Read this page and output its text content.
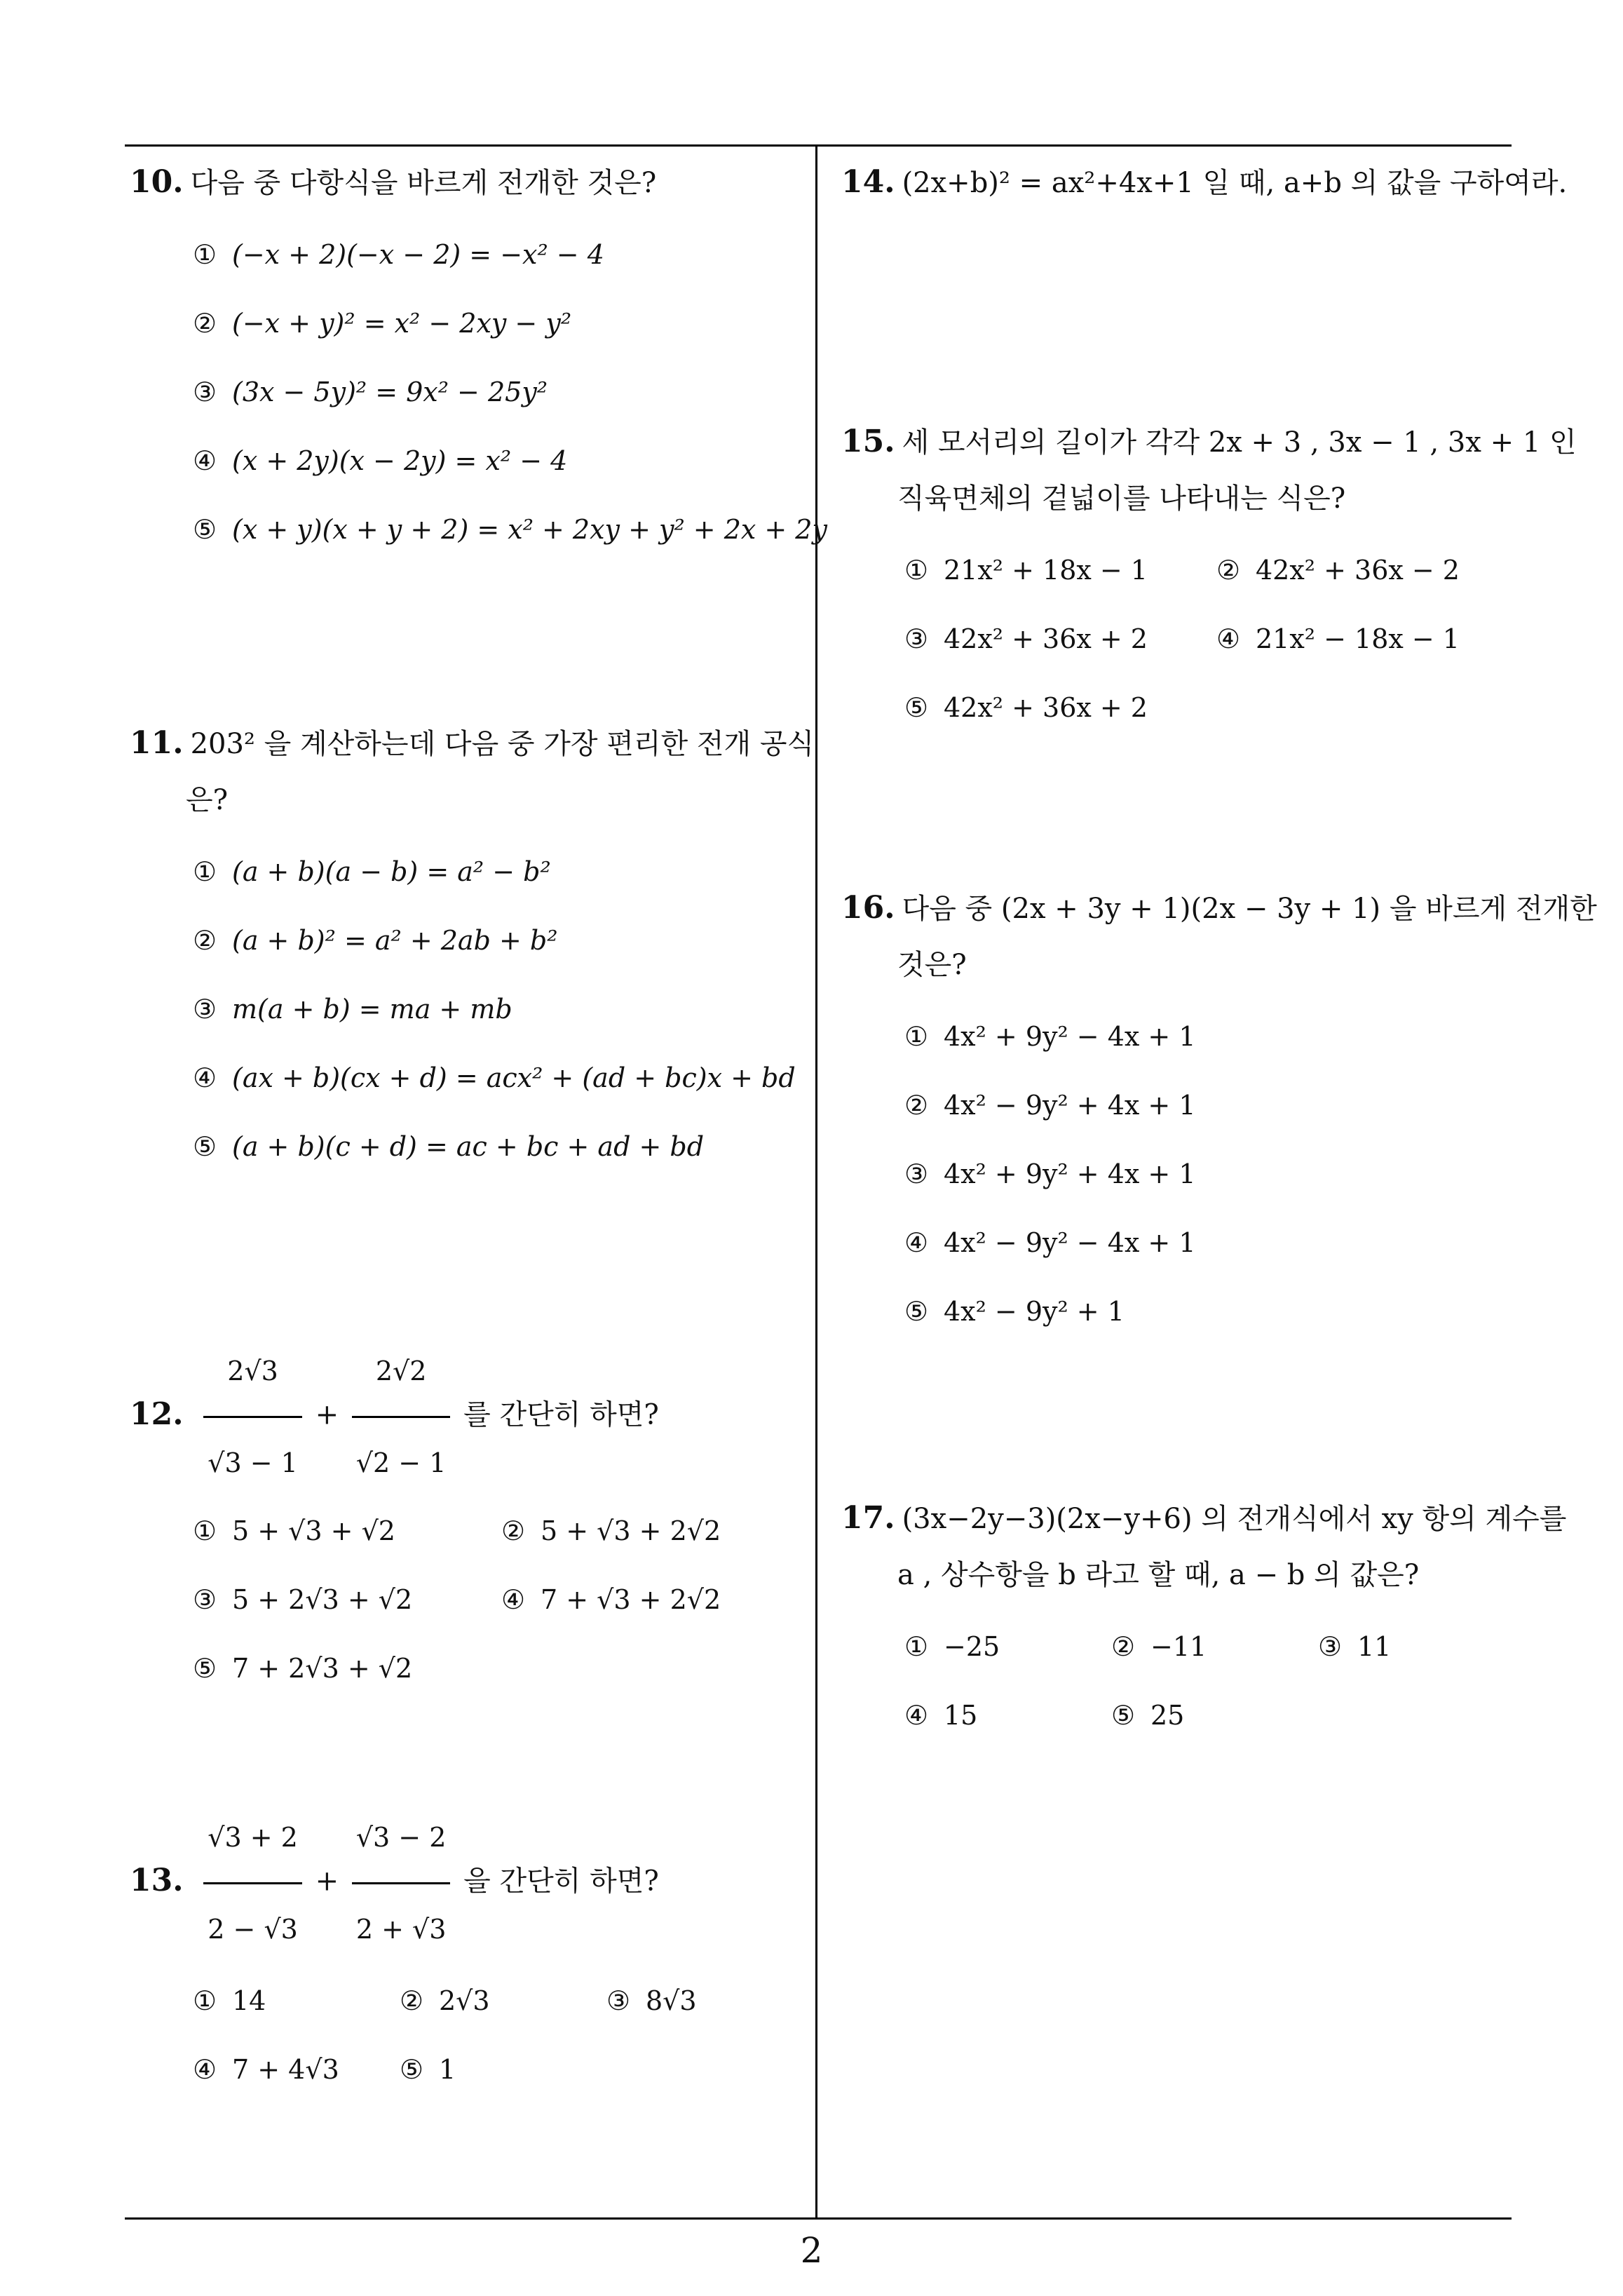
10. 다음 중 다항식을 바르게 전개한 것은?
① (−x + 2)(−x − 2) = −x² − 4
② (−x + y)² = x² − 2xy − y²
③ (3x − 5y)² = 9x² − 25y²
④ (x + 2y)(x − 2y) = x² − 4
⑤ (x + y)(x + y + 2) = x² + 2xy + y² + 2x + 2y
11. 203² 을 계산하는데 다음 중 가장 편리한 전개 공식
은?
① (a + b)(a − b) = a² − b²
② (a + b)² = a² + 2ab + b²
③ m(a + b) = ma + mb
④ (ax + b)(cx + d) = acx² + (ad + bc)x + bd
⑤ (a + b)(c + d) = ac + bc + ad + bd
12. $\frac{2√3}{√3 - 1} + \frac{2√2}{√2 - 1}$ 를 간단히 하면?
① 5 + √3 + √2	② 5 + √3 + 2√2
③ 5 + 2√3 + √2	④ 7 + √3 + 2√2
⑤ 7 + 2√3 + √2
13. $\frac{√3 + 2}{2 - √3} + \frac{√3 - 2}{2 + √3}$ 을 간단히 하면?
① 14	② 2√3	③ 8√3
④ 7 + 4√3 ⑤ 1
14. (2x+b)² = ax²+4x+1 일 때, a+b 의 값을 구하여라.
15. 세 모서리의 길이가 각각 2x + 3 , 3x − 1 , 3x + 1 인
직육면체의 겉넓이를 나타내는 식은?
① 21x² + 18x − 1	② 42x² + 36x − 2
③ 42x² + 36x + 2	④ 21x² − 18x − 1
⑤ 42x² + 36x + 2
16. 다음 중 (2x + 3y + 1)(2x − 3y + 1) 을 바르게 전개한
것은?
① 4x² + 9y² − 4x + 1
② 4x² − 9y² + 4x + 1
③ 4x² + 9y² + 4x + 1
④ 4x² − 9y² − 4x + 1
⑤ 4x² − 9y² + 1
17. (3x−2y−3)(2x−y+6) 의 전개식에서 xy 항의 계수를
a , 상수항을 b 라고 할 때, a − b 의 값은?
① −25	② −11	③ 11
④ 15	⑤ 25
2
